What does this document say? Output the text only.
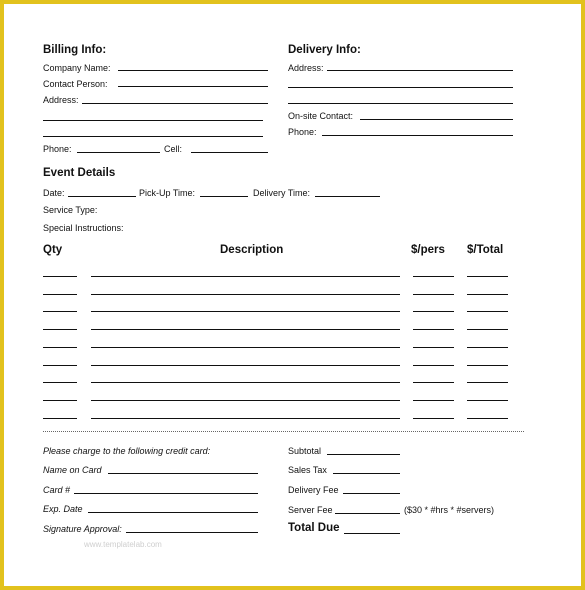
Billing Info:
Company Name:
Contact Person:
Address:
Phone:	Cell:
Delivery Info:
Address:
On-site Contact:
Phone:
Event Details
Date:	Pick-Up Time:	Delivery Time:
Service Type:
Special Instructions:
Qty	Description	$/pers $/Total
Please charge to the following credit card:
Name on Card
Card #
Exp. Date
Signature Approval:
Subtotal
Sales Tax
Delivery Fee
Server Fee	($30 * #hrs * #servers)
Total Due
www.templatelab.com
